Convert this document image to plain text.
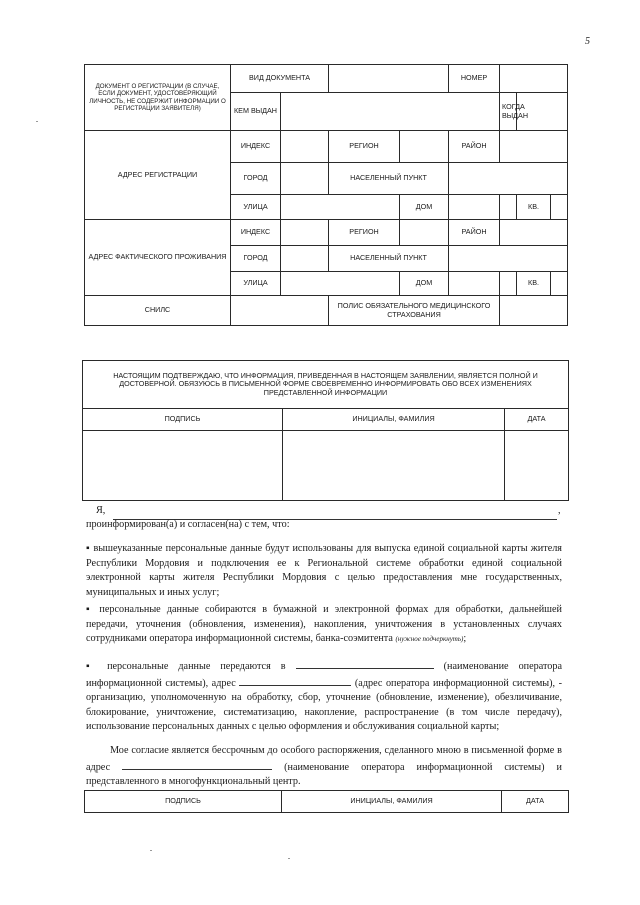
5
ДОКУМЕНТ О РЕГИСТРАЦИИ (В СЛУЧАЕ, ЕСЛИ ДОКУМЕНТ, УДОСТОВЕРЯЮЩИЙ ЛИЧНОСТЬ, НЕ СОДЕРЖИТ ИНФОРМАЦИИ О РЕГИСТРАЦИИ ЗАЯВИТЕЛЯ)	ВИД ДОКУМЕНТА				НОМЕР			
	КЕМ ВЫДАН					КОГДА ВЫДАН		
АДРЕС РЕГИСТРАЦИИ	ИНДЕКС		РЕГИОН		РАЙОН			
	ГОРОД		НАСЕЛЕННЫЙ ПУНКТ					
	УЛИЦА			ДОМ			КВ.	
АДРЕС ФАКТИЧЕСКОГО ПРОЖИВАНИЯ	ИНДЕКС		РЕГИОН		РАЙОН			
	ГОРОД		НАСЕЛЕННЫЙ ПУНКТ					
	УЛИЦА			ДОМ			КВ.	
СНИЛС			ПОЛИС ОБЯЗАТЕЛЬНОГО МЕДИЦИНСКОГО СТРАХОВАНИЯ					
НАСТОЯЩИМ ПОДТВЕРЖДАЮ, ЧТО ИНФОРМАЦИЯ, ПРИВЕДЕННАЯ В НАСТОЯЩЕМ ЗАЯВЛЕНИИ, ЯВЛЯЕТСЯ ПОЛНОЙ И ДОСТОВЕРНОЙ. ОБЯЗУЮСЬ В ПИСЬМЕННОЙ ФОРМЕ СВОЕВРЕМЕННО ИНФОРМИРОВАТЬ ОБО ВСЕХ ИЗМЕНЕНИЯХ ПРЕДСТАВЛЕННОЙ ИНФОРМАЦИИ		
ПОДПИСЬ	ИНИЦИАЛЫ, ФАМИЛИЯ	ДАТА

Я,	,

проинформирован(а) и согласен(на) с тем, что:

▪ вышеуказанные персональные данные будут использованы для выпуска единой социальной карты жителя Республики Мордовия и подключения ее к Региональной системе обработки единой социальной электронной карты жителя Республики Мордовия с целью предоставления мне государственных, муниципальных и иных услуг;

▪ персональные данные собираются в бумажной и электронной формах для обработки, дальнейшей передачи, уточнения (обновления, изменения), накопления, уничтожения в установленных случаях сотрудниками оператора информационной системы, банка-соэмитента (нужное подчеркнуть);

▪ персональные данные передаются в	(наименование оператора информационной системы), адрес	(адрес оператора информационной системы), - организацию, уполномоченную на обработку, сбор, уточнение (обновление, изменение), обезличивание, блокирование, уничтожение, систематизацию, накопление, распространение (в том числе передачу), использование персональных данных с целью оформления и обслуживания социальной карты;

Мое согласие является бессрочным до особого распоряжения, сделанного мною в письменной форме в адрес	(наименование оператора информационной системы) и представленного в многофункциональный центр.

ПОДПИСЬ	ИНИЦИАЛЫ, ФАМИЛИЯ	ДАТА
